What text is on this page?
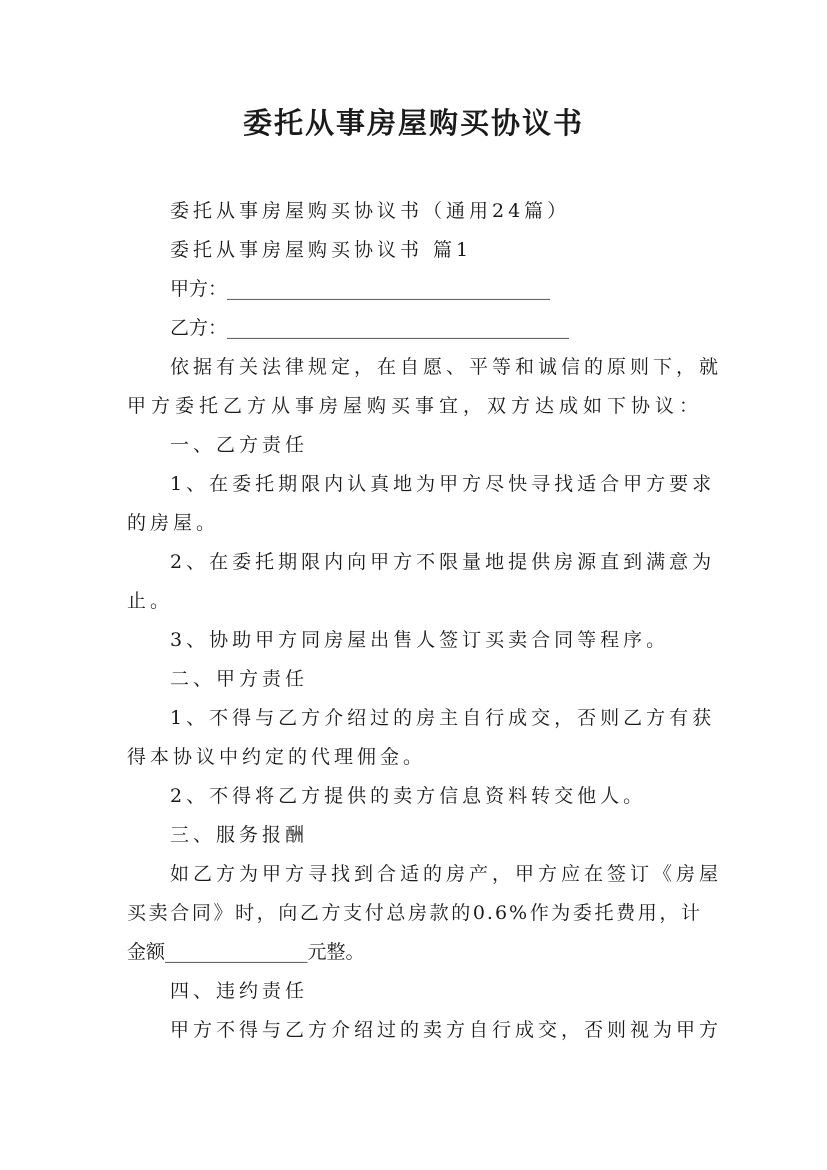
委托从事房屋购买协议书
委托从事房屋购买协议书（通用24篇）
委托从事房屋购买协议书 篇1
甲方：__________________________________
乙方：____________________________________
依据有关法律规定，在自愿、平等和诚信的原则下，就
甲方委托乙方从事房屋购买事宜，双方达成如下协议：
一、乙方责任
1、在委托期限内认真地为甲方尽快寻找适合甲方要求
的房屋。
2、在委托期限内向甲方不限量地提供房源直到满意为
止。
3、协助甲方同房屋出售人签订买卖合同等程序。
二、甲方责任
1、不得与乙方介绍过的房主自行成交，否则乙方有获
得本协议中约定的代理佣金。
2、不得将乙方提供的卖方信息资料转交他人。
三、服务报酬
如乙方为甲方寻找到合适的房产，甲方应在签订《房屋
买卖合同》时，向乙方支付总房款的0.6%作为委托费用，计
金额_______________元整。
四、违约责任
甲方不得与乙方介绍过的卖方自行成交，否则视为甲方
